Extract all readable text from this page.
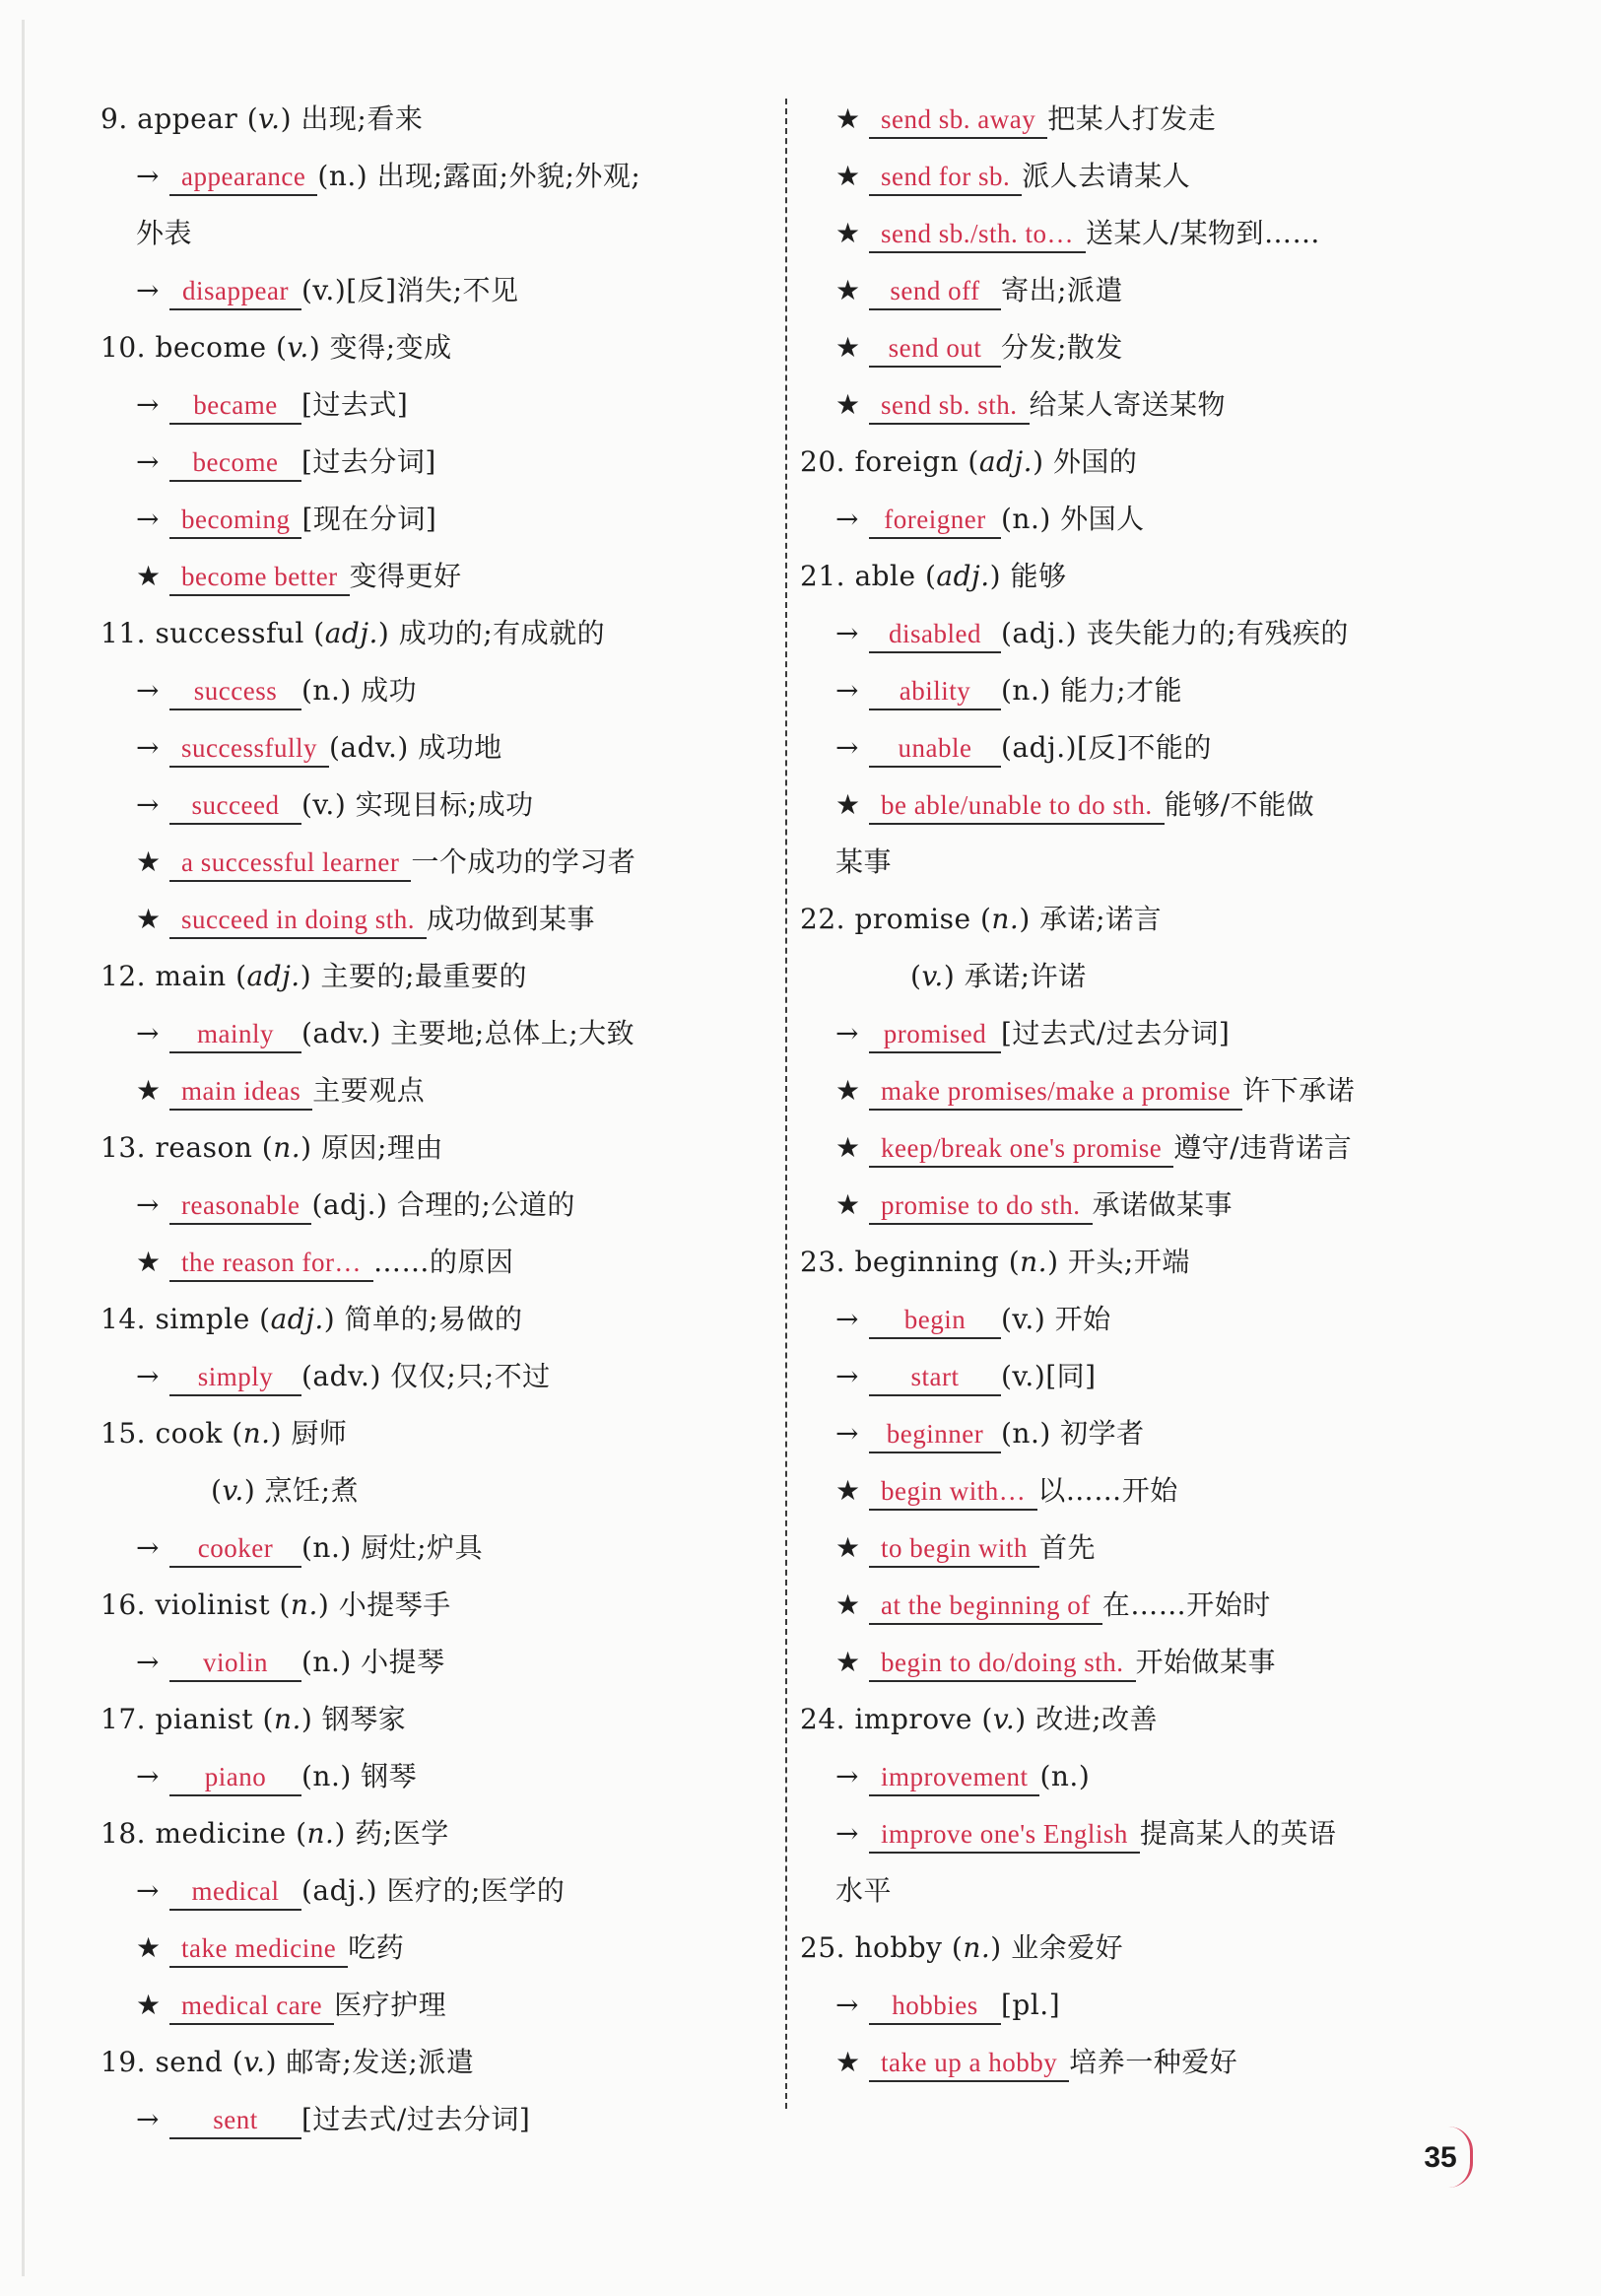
9. appear (v.) 出现;看来
→ appearance (n.) 出现;露面;外貌;外观;
外表
→ disappear (v.)[反]消失;不见
10. become (v.) 变得;变成
→ became [过去式]
→ become [过去分词]
→ becoming [现在分词]
★ become better 变得更好
11. successful (adj.) 成功的;有成就的
→ success (n.) 成功
→ successfully (adv.) 成功地
→ succeed (v.) 实现目标;成功
★ a successful learner 一个成功的学习者
★ succeed in doing sth. 成功做到某事
12. main (adj.) 主要的;最重要的
→ mainly (adv.) 主要地;总体上;大致
★ main ideas 主要观点
13. reason (n.) 原因;理由
→ reasonable (adj.) 合理的;公道的
★ the reason for… ……的原因
14. simple (adj.) 简单的;易做的
→ simply (adv.) 仅仅;只;不过
15. cook (n.) 厨师
(v.) 烹饪;煮
→ cooker (n.) 厨灶;炉具
16. violinist (n.) 小提琴手
→ violin (n.) 小提琴
17. pianist (n.) 钢琴家
→ piano (n.) 钢琴
18. medicine (n.) 药;医学
→ medical (adj.) 医疗的;医学的
★ take medicine 吃药
★ medical care 医疗护理
19. send (v.) 邮寄;发送;派遣
→ sent [过去式/过去分词]
★ send sb. away 把某人打发走
★ send for sb. 派人去请某人
★ send sb./sth. to… 送某人/某物到……
★ send off 寄出;派遣
★ send out 分发;散发
★ send sb. sth. 给某人寄送某物
20. foreign (adj.) 外国的
→ foreigner (n.) 外国人
21. able (adj.) 能够
→ disabled (adj.) 丧失能力的;有残疾的
→ ability (n.) 能力;才能
→ unable (adj.)[反]不能的
★ be able/unable to do sth. 能够/不能做
某事
22. promise (n.) 承诺;诺言
(v.) 承诺;许诺
→ promised [过去式/过去分词]
★ make promises/make a promise 许下承诺
★ keep/break one's promise 遵守/违背诺言
★ promise to do sth. 承诺做某事
23. beginning (n.) 开头;开端
→ begin (v.) 开始
→ start (v.)[同]
→ beginner (n.) 初学者
★ begin with… 以……开始
★ to begin with 首先
★ at the beginning of 在……开始时
★ begin to do/doing sth. 开始做某事
24. improve (v.) 改进;改善
→ improvement (n.)
→ improve one's English 提高某人的英语
水平
25. hobby (n.) 业余爱好
→ hobbies [pl.]
★ take up a hobby 培养一种爱好
35
